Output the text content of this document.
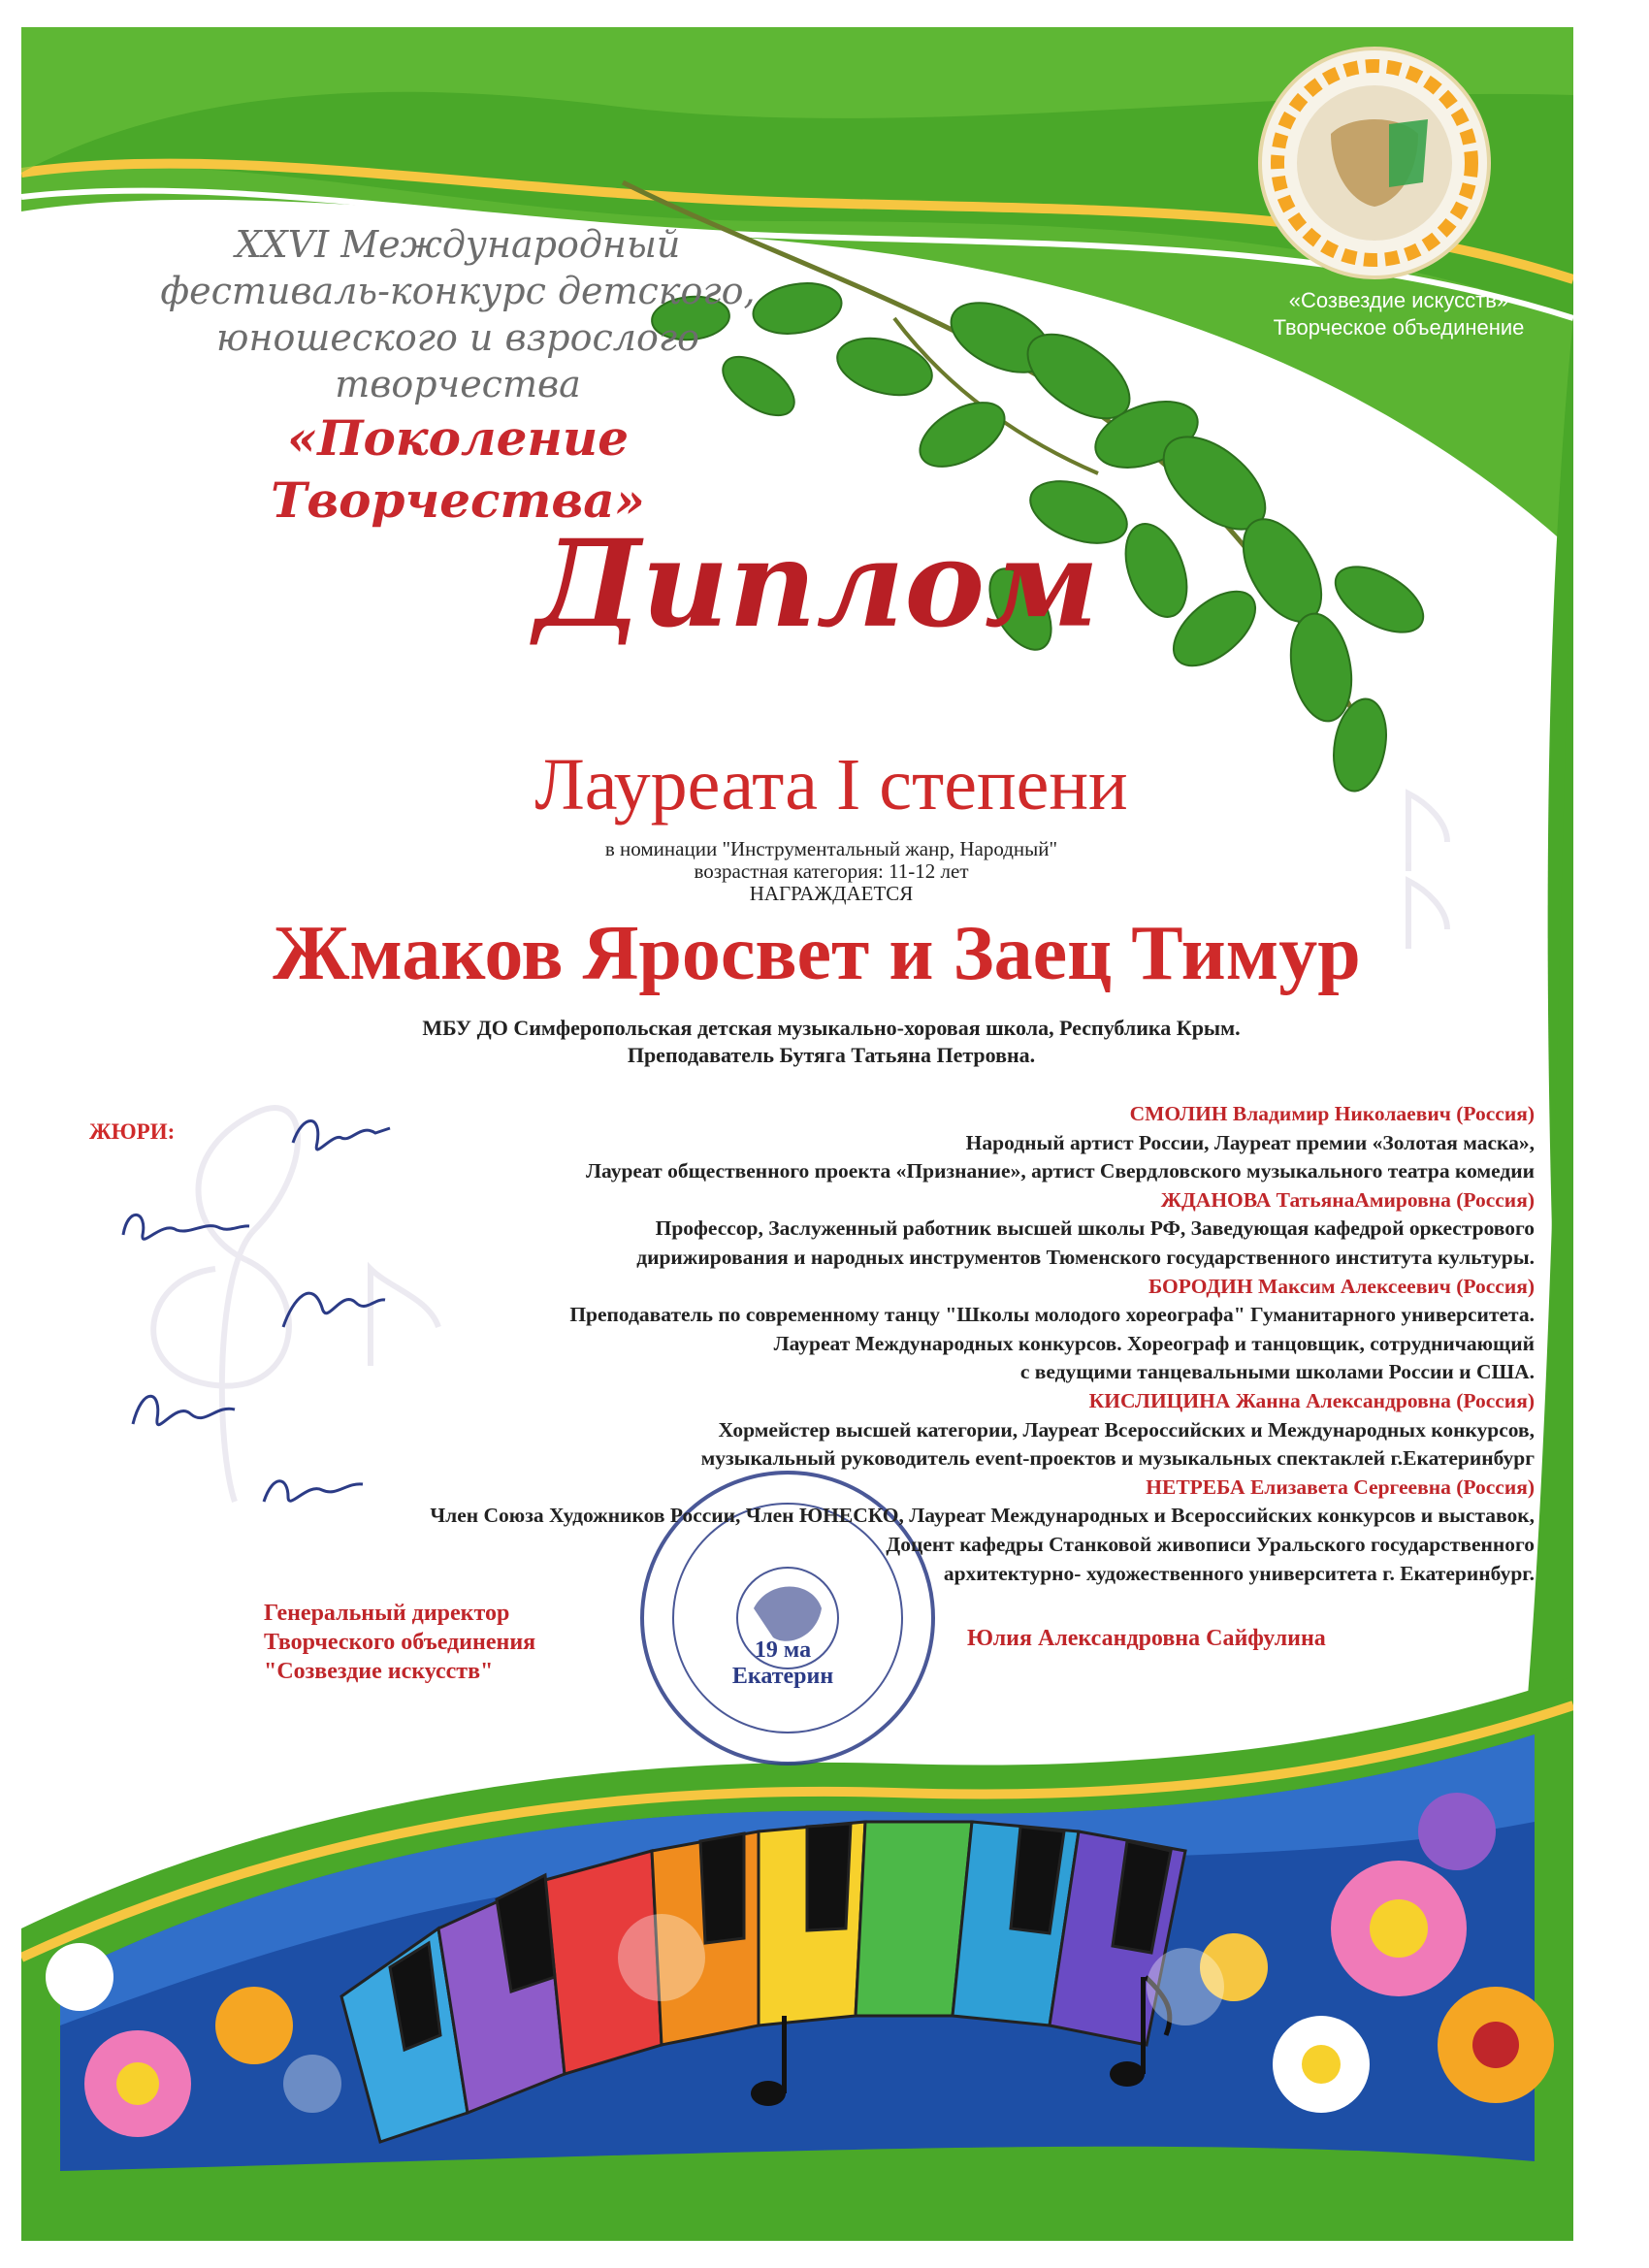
XXVI Международный
фестиваль-конкурс детского,
юношеского и взрослого творчества
«Поколение Творчества»
«Созвездие искусств»
Творческое объединение
Диплом
Лауреата I степени
в номинации "Инструментальный жанр, Народный"
возрастная категория: 11-12 лет
НАГРАЖДАЕТСЯ
Жмаков Яросвет и Заец Тимур
МБУ ДО Симферопольская детская музыкально-хоровая школа, Республика Крым.
Преподаватель Бутяга Татьяна Петровна.
ЖЮРИ:
СМОЛИН Владимир Николаевич (Россия)
Народный артист России, Лауреат премии «Золотая маска»,
Лауреат общественного проекта «Признание», артист Свердловского музыкального театра комедии
ЖДАНОВА ТатьянаАмировна (Россия)
Профессор, Заслуженный работник высшей школы РФ, Заведующая кафедрой оркестрового
дирижирования и народных инструментов Тюменского государственного института культуры.
БОРОДИН Максим Алексеевич (Россия)
Преподаватель по современному танцу "Школы молодого хореографа" Гуманитарного университета.
Лауреат Международных конкурсов. Хореограф и танцовщик, сотрудничающий
с ведущими танцевальными школами России и США.
КИСЛИЦИНА Жанна Александровна (Россия)
Хормейстер высшей категории, Лауреат Всероссийских и Международных конкурсов,
музыкальный руководитель event-проектов и музыкальных спектаклей г.Екатеринбург
НЕТРЕБА Елизавета Сергеевна (Россия)
Член Союза Художников России, Член ЮНЕСКО, Лауреат Международных и Всероссийских конкурсов и выставок,
Доцент кафедры Станковой живописи Уральского государственного
архитектурно- художественного университета г. Екатеринбург.
Генеральный директор
Творческого объединения
"Созвездие искусств"
19 ма
Екатерин
Юлия Александровна Сайфулина
